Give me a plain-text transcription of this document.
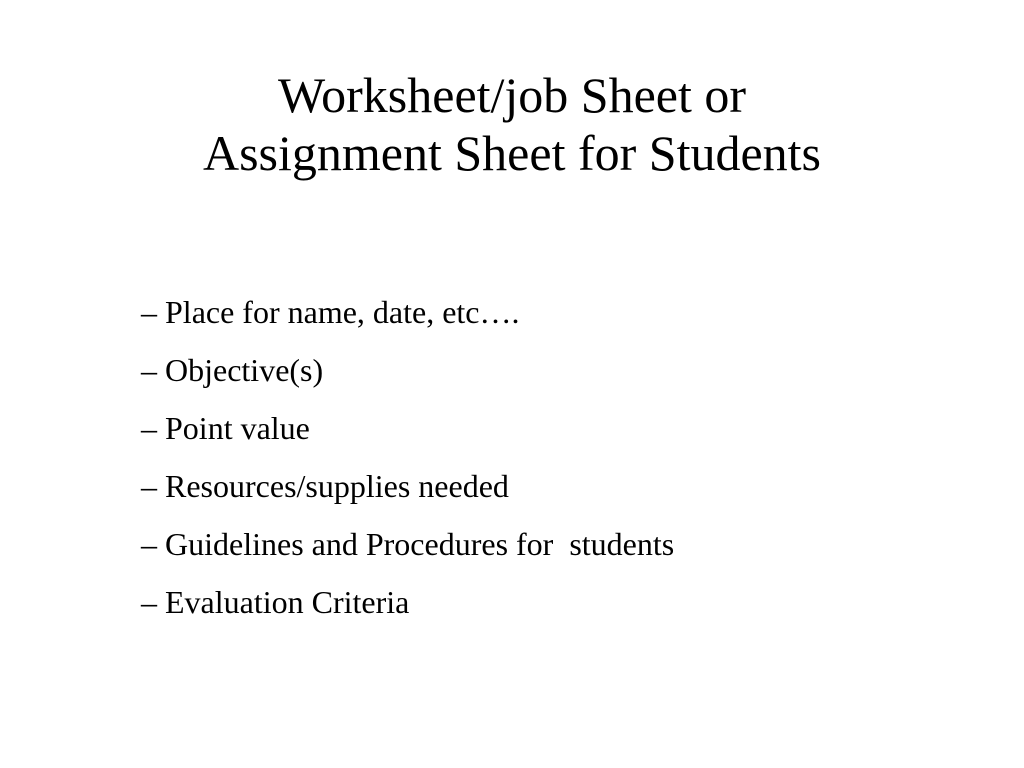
Worksheet/job Sheet or
Assignment Sheet for Students
– Place for name, date, etc….
– Objective(s)
– Point value
– Resources/supplies needed
– Guidelines and Procedures for  students
– Evaluation Criteria
